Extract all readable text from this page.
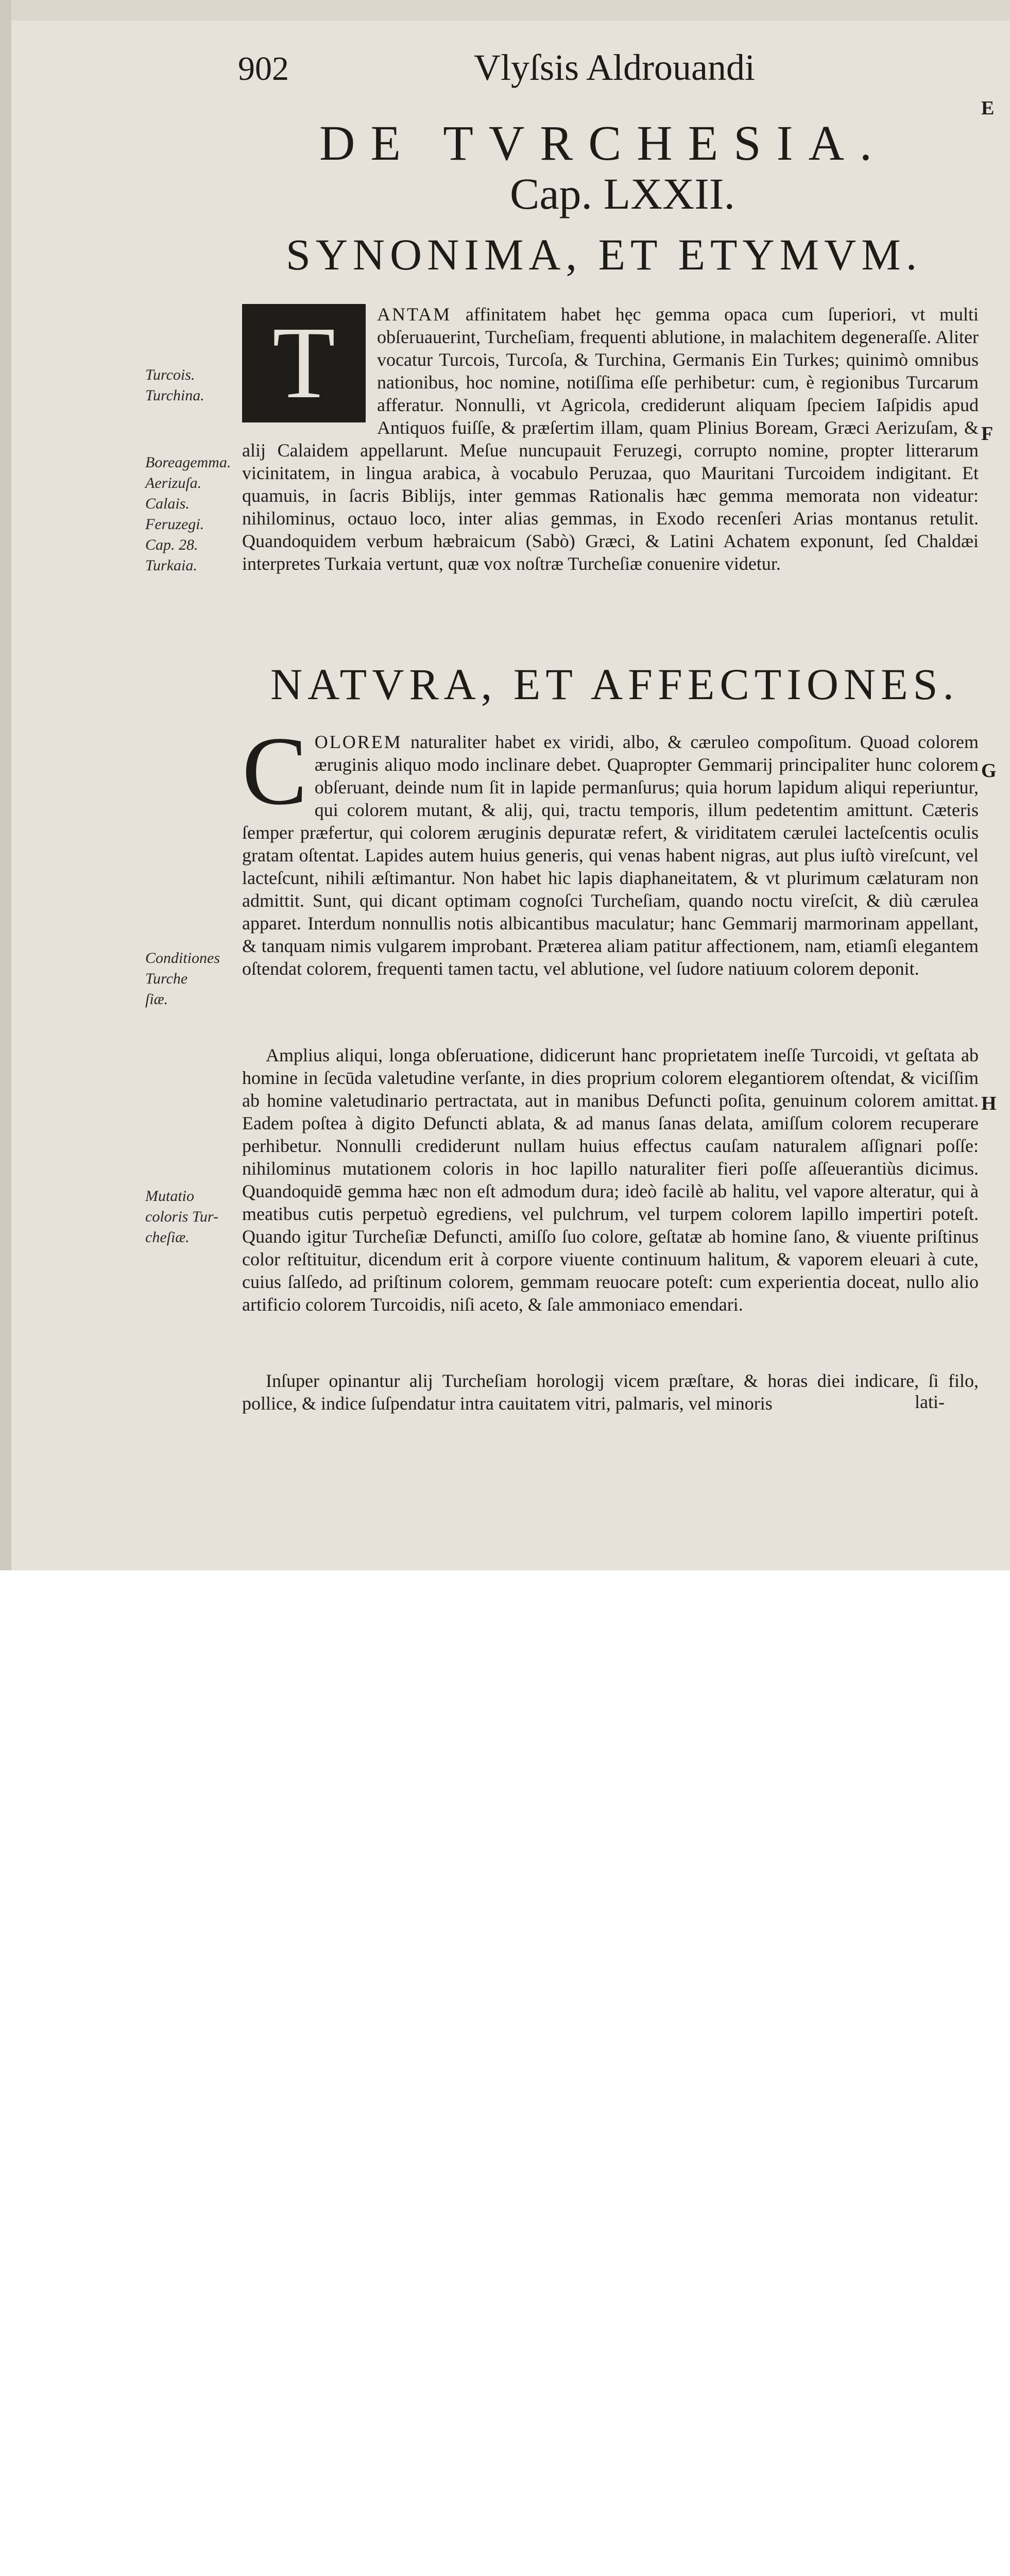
902	Vlyſsis Aldrouandi
DE TVRCHESIA.
Cap. LXXII.
SYNONIMA, ET ETYMVM.
NATVRA, ET AFFECTIONES.

T	ANTAM affinitatem habet hęc gemma opaca cum ſuperiori, vt multi obſeruauerint, Turcheſiam, frequenti ablutione, in malachitem degeneraſſe. Aliter vocatur Turcois, Turcoſa, & Turchina, Germanis Ein Turkes; quinimò omnibus nationibus, hoc nomine, notiſſima eſſe perhibetur: cum, è regionibus Turcarum afferatur. Nonnulli, vt Agricola, crediderunt aliquam ſpeciem Iaſpidis apud Antiquos fuiſſe, & præſertim illam, quam Plinius Boream, Græci Aerizuſam, & alij Calaidem appellarunt. Meſue nuncupauit Feruzegi, corrupto nomine, propter litterarum vicinitatem, in lingua arabica, à vocabulo Peruzaa, quo Mauritani Turcoidem indigitant. Et quamuis, in ſacris Biblijs, inter gemmas Rationalis hæc gemma memorata non videatur: nihilominus, octauo loco, inter alias gemmas, in Exodo recenſeri Arias montanus retulit. Quandoquidem verbum hæbraicum (Sabò) Græci, & Latini Achatem exponunt, ſed Chaldæi interpretes Turkaia vertunt, quæ vox noſtræ Turcheſiæ conuenire videtur.

C OLOREM naturaliter habet ex viridi, albo, & cæruleo compoſitum. Quoad colorem æruginis aliquo modo inclinare debet. Quapropter Gemmarij principaliter hunc colorem obſeruant, deinde num ſit in lapide permanſurus; quia horum lapidum aliqui reperiuntur, qui colorem mutant, & alij, qui, tractu temporis, illum pedetentim amittunt. Cæteris ſemper præfertur, qui colorem æruginis depuratæ refert, & viriditatem cærulei lacteſcentis oculis gratam oſtentat. Lapides autem huius generis, qui venas habent nigras, aut plus iuſtò vireſcunt, vel lacteſcunt, nihili æſtimantur. Non habet hic lapis diaphaneitatem, & vt plurimum cælaturam non admittit. Sunt, qui dicant optimam cognoſci Turcheſiam, quando noctu vireſcit, & diù cærulea apparet. Interdum nonnullis notis albicantibus maculatur; hanc Gemmarij marmorinam appellant, & tanquam nimis vulgarem improbant. Præterea aliam patitur affectionem, nam, etiamſi elegantem oſtendat colorem, frequenti tamen tactu, vel ablutione, vel ſudore natiuum colorem deponit.

Amplius aliqui, longa obſeruatione, didicerunt hanc proprietatem ineſſe Turcoidi, vt geſtata ab homine in ſecūda valetudine verſante, in dies proprium colorem elegantiorem oſtendat, & viciſſim ab homine valetudinario pertractata, aut in manibus Defuncti poſita, genuinum colorem amittat. Eadem poſtea à digito Defuncti ablata, & ad manus ſanas delata, amiſſum colorem recuperare perhibetur. Nonnulli crediderunt nullam huius effectus cauſam naturalem aſſignari poſſe: nihilominus mutationem coloris in hoc lapillo naturaliter fieri poſſe aſſeuerantiùs dicimus. Quandoquidē gemma hæc non eſt admodum dura; ideò facilè ab halitu, vel vapore alteratur, qui à meatibus cutis perpetuò egrediens, vel pulchrum, vel turpem colorem lapillo impertiri poteſt. Quando igitur Turcheſiæ Defuncti, amiſſo ſuo colore, geſtatæ ab homine ſano, & viuente priſtinus color reſtituitur, dicendum erit à corpore viuente continuum halitum, & vaporem eleuari à cute, cuius ſalſedo, ad priſtinum colorem, gemmam reuocare poteſt: cum experientia doceat, nullo alio artificio colorem Turcoidis, niſi aceto, & ſale ammoniaco emendari.

Inſuper opinantur alij Turcheſiam horologij vicem præſtare, & horas diei indicare, ſi filo, pollice, & indice ſuſpendatur intra cauitatem vitri, palmaris, vel minoris	lati-
Turcois.
Turchina.
Boreagemma.
Aerizuſa.
Calais.
Feruzegi.
Cap. 28.
Turkaia.
Conditiones Turche
ſiæ.
Mutatio coloris Tur-
cheſiæ.
E
F
G
H
